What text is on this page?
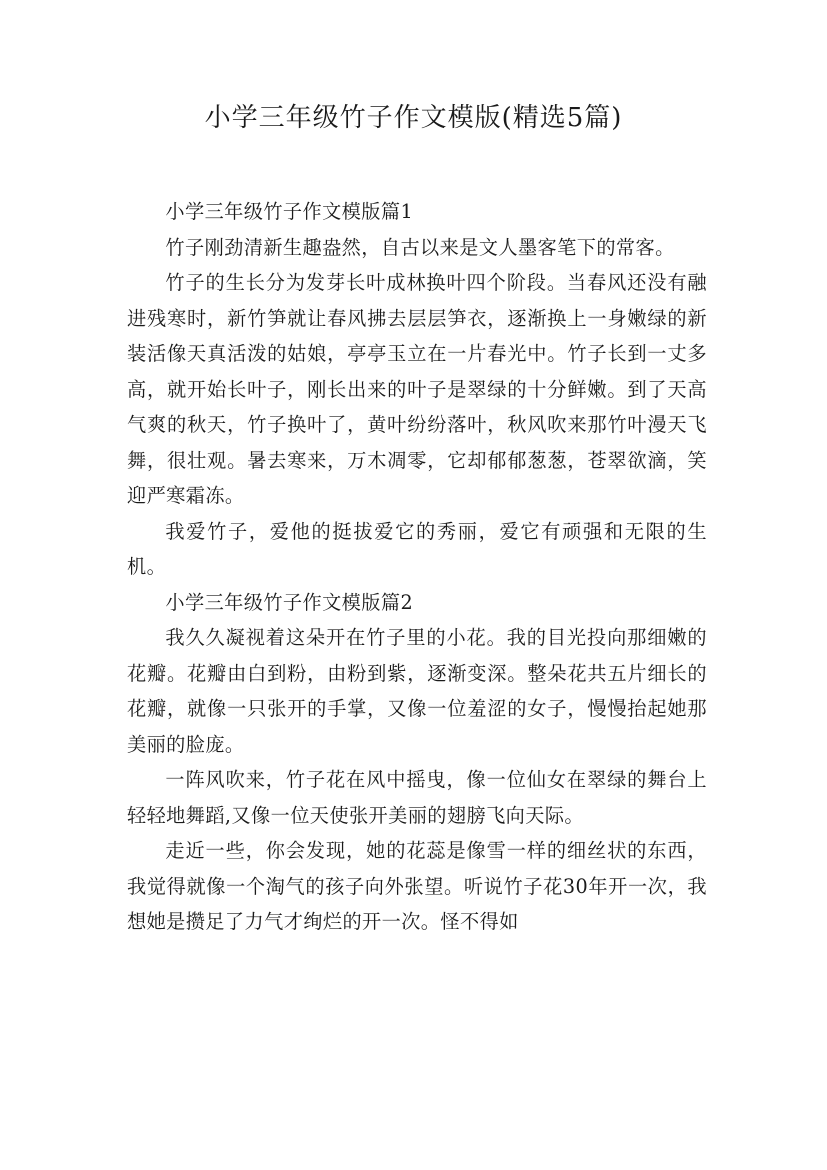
小学三年级竹子作文模版(精选5篇)

小学三年级竹子作文模版篇1

竹子刚劲清新生趣盎然，自古以来是文人墨客笔下的常客。

竹子的生长分为发芽长叶成林换叶四个阶段。当春风还没有融进残寒时，新竹笋就让春风拂去层层笋衣，逐渐换上一身嫩绿的新装活像天真活泼的姑娘，亭亭玉立在一片春光中。竹子长到一丈多高，就开始长叶子，刚长出来的叶子是翠绿的十分鲜嫩。到了天高气爽的秋天，竹子换叶了，黄叶纷纷落叶，秋风吹来那竹叶漫天飞舞，很壮观。暑去寒来，万木凋零，它却郁郁葱葱，苍翠欲滴，笑迎严寒霜冻。

我爱竹子，爱他的挺拔爱它的秀丽，爱它有顽强和无限的生机。

小学三年级竹子作文模版篇2

我久久凝视着这朵开在竹子里的小花。我的目光投向那细嫩的花瓣。花瓣由白到粉，由粉到紫，逐渐变深。整朵花共五片细长的花瓣，就像一只张开的手掌，又像一位羞涩的女子，慢慢抬起她那美丽的脸庞。

一阵风吹来，竹子花在风中摇曳，像一位仙女在翠绿的舞台上轻轻地舞蹈,又像一位天使张开美丽的翅膀飞向天际。

走近一些，你会发现，她的花蕊是像雪一样的细丝状的东西，我觉得就像一个淘气的孩子向外张望。听说竹子花30年开一次，我想她是攒足了力气才绚烂的开一次。怪不得如
